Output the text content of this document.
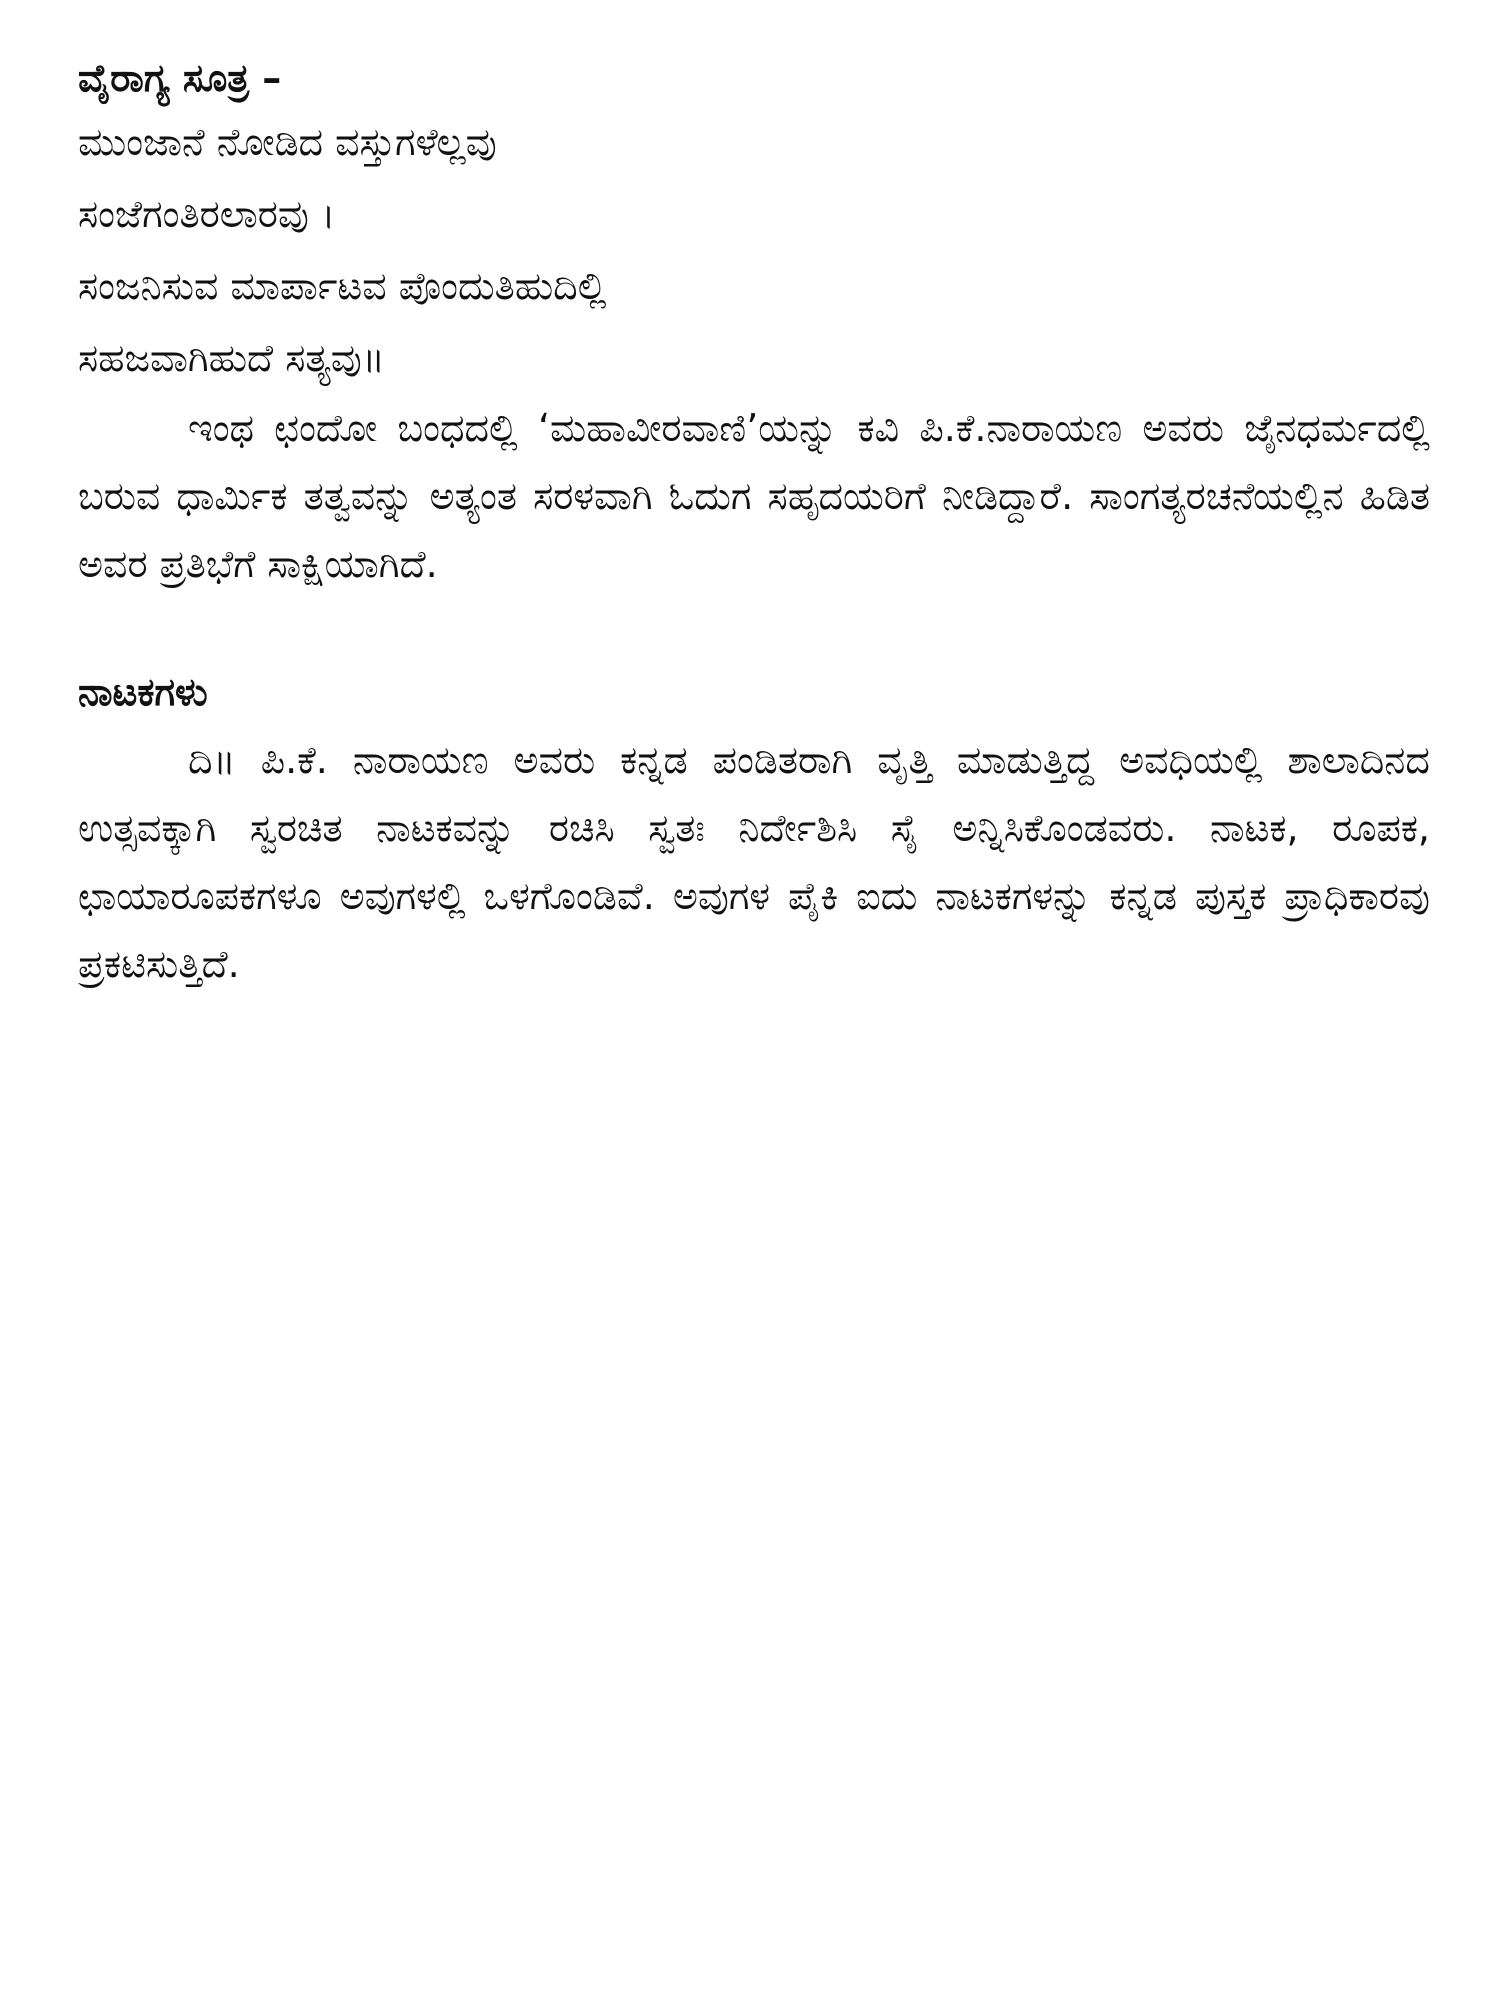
ವೈರಾಗ್ಯ ಸೂತ್ರ –
ಮುಂಜಾನೆ ನೋಡಿದ ವಸ್ತುಗಳೆಲ್ಲವು
ಸಂಜೆಗಂತಿರಲಾರವು ।
ಸಂಜನಿಸುವ ಮಾರ್ಪಾಟವ ಪೊಂದುತಿಹುದಿಲ್ಲಿ
ಸಹಜವಾಗಿಹುದೆ ಸತ್ಯವು॥

ಇಂಥ ಛಂದೋ ಬಂಧದಲ್ಲಿ ‘ಮಹಾವೀರವಾಣಿ’ಯನ್ನು ಕವಿ ಪಿ.ಕೆ.ನಾರಾಯಣ ಅವರು ಜೈನಧರ್ಮದಲ್ಲಿ ಬರುವ ಧಾರ್ಮಿಕ ತತ್ವವನ್ನು ಅತ್ಯಂತ ಸರಳವಾಗಿ ಓದುಗ ಸಹೃದಯರಿಗೆ ನೀಡಿದ್ದಾರೆ. ಸಾಂಗತ್ಯರಚನೆಯಲ್ಲಿನ ಹಿಡಿತ ಅವರ ಪ್ರತಿಭೆಗೆ ಸಾಕ್ಷಿಯಾಗಿದೆ.

ನಾಟಕಗಳು

ದಿ॥ ಪಿ.ಕೆ. ನಾರಾಯಣ ಅವರು ಕನ್ನಡ ಪಂಡಿತರಾಗಿ ವೃತ್ತಿ ಮಾಡುತ್ತಿದ್ದ ಅವಧಿಯಲ್ಲಿ ಶಾಲಾದಿನದ ಉತ್ಸವಕ್ಕಾಗಿ ಸ್ವರಚಿತ ನಾಟಕವನ್ನು ರಚಿಸಿ ಸ್ವತಃ ನಿರ್ದೇಶಿಸಿ ಸೈ ಅನ್ನಿಸಿಕೊಂಡವರು. ನಾಟಕ, ರೂಪಕ, ಛಾಯಾರೂಪಕಗಳೂ ಅವುಗಳಲ್ಲಿ ಒಳಗೊಂಡಿವೆ. ಅವುಗಳ ಪೈಕಿ ಐದು ನಾಟಕಗಳನ್ನು ಕನ್ನಡ ಪುಸ್ತಕ ಪ್ರಾಧಿಕಾರವು ಪ್ರಕಟಿಸುತ್ತಿದೆ.
